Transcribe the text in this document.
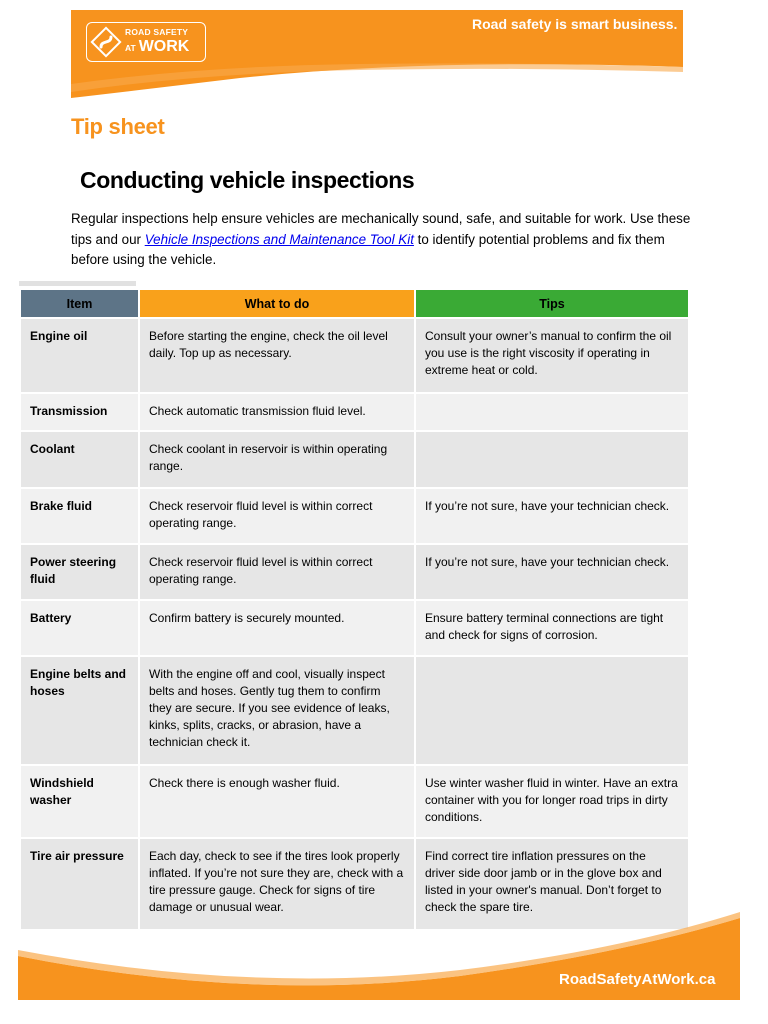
ROAD SAFETY
AT WORK
Road safety is smart business.
Tip sheet
Conducting vehicle inspections

Regular inspections help ensure vehicles are mechanically sound, safe, and suitable for work. Use these tips and our Vehicle Inspections and Maintenance Tool Kit to identify potential problems and fix them before using the vehicle.

Item	What to do	Tips
Engine oil	Before starting the engine, check the oil level daily. Top up as necessary.	Consult your owner’s manual to confirm the oil you use is the right viscosity if operating in extreme heat or cold.
Transmission	Check automatic transmission fluid level.	
Coolant	Check coolant in reservoir is within operating range.	
Brake fluid	Check reservoir fluid level is within correct operating range.	If you’re not sure, have your technician check.
Power steering fluid	Check reservoir fluid level is within correct operating range.	If you’re not sure, have your technician check.
Battery	Confirm battery is securely mounted.	Ensure battery terminal connections are tight and check for signs of corrosion.
Engine belts and hoses	With the engine off and cool, visually inspect belts and hoses. Gently tug them to confirm they are secure. If you see evidence of leaks, kinks, splits, cracks, or abrasion, have a technician check it.	
Windshield washer	Check there is enough washer fluid.	Use winter washer fluid in winter. Have an extra container with you for longer road trips in dirty conditions.
Tire air pressure	Each day, check to see if the tires look properly inflated. If you’re not sure they are, check with a tire pressure gauge. Check for signs of tire damage or unusual wear.	Find correct tire inflation pressures on the driver side door jamb or in the glove box and listed in your owner's manual. Don’t forget to check the spare tire.
RoadSafetyAtWork.ca
